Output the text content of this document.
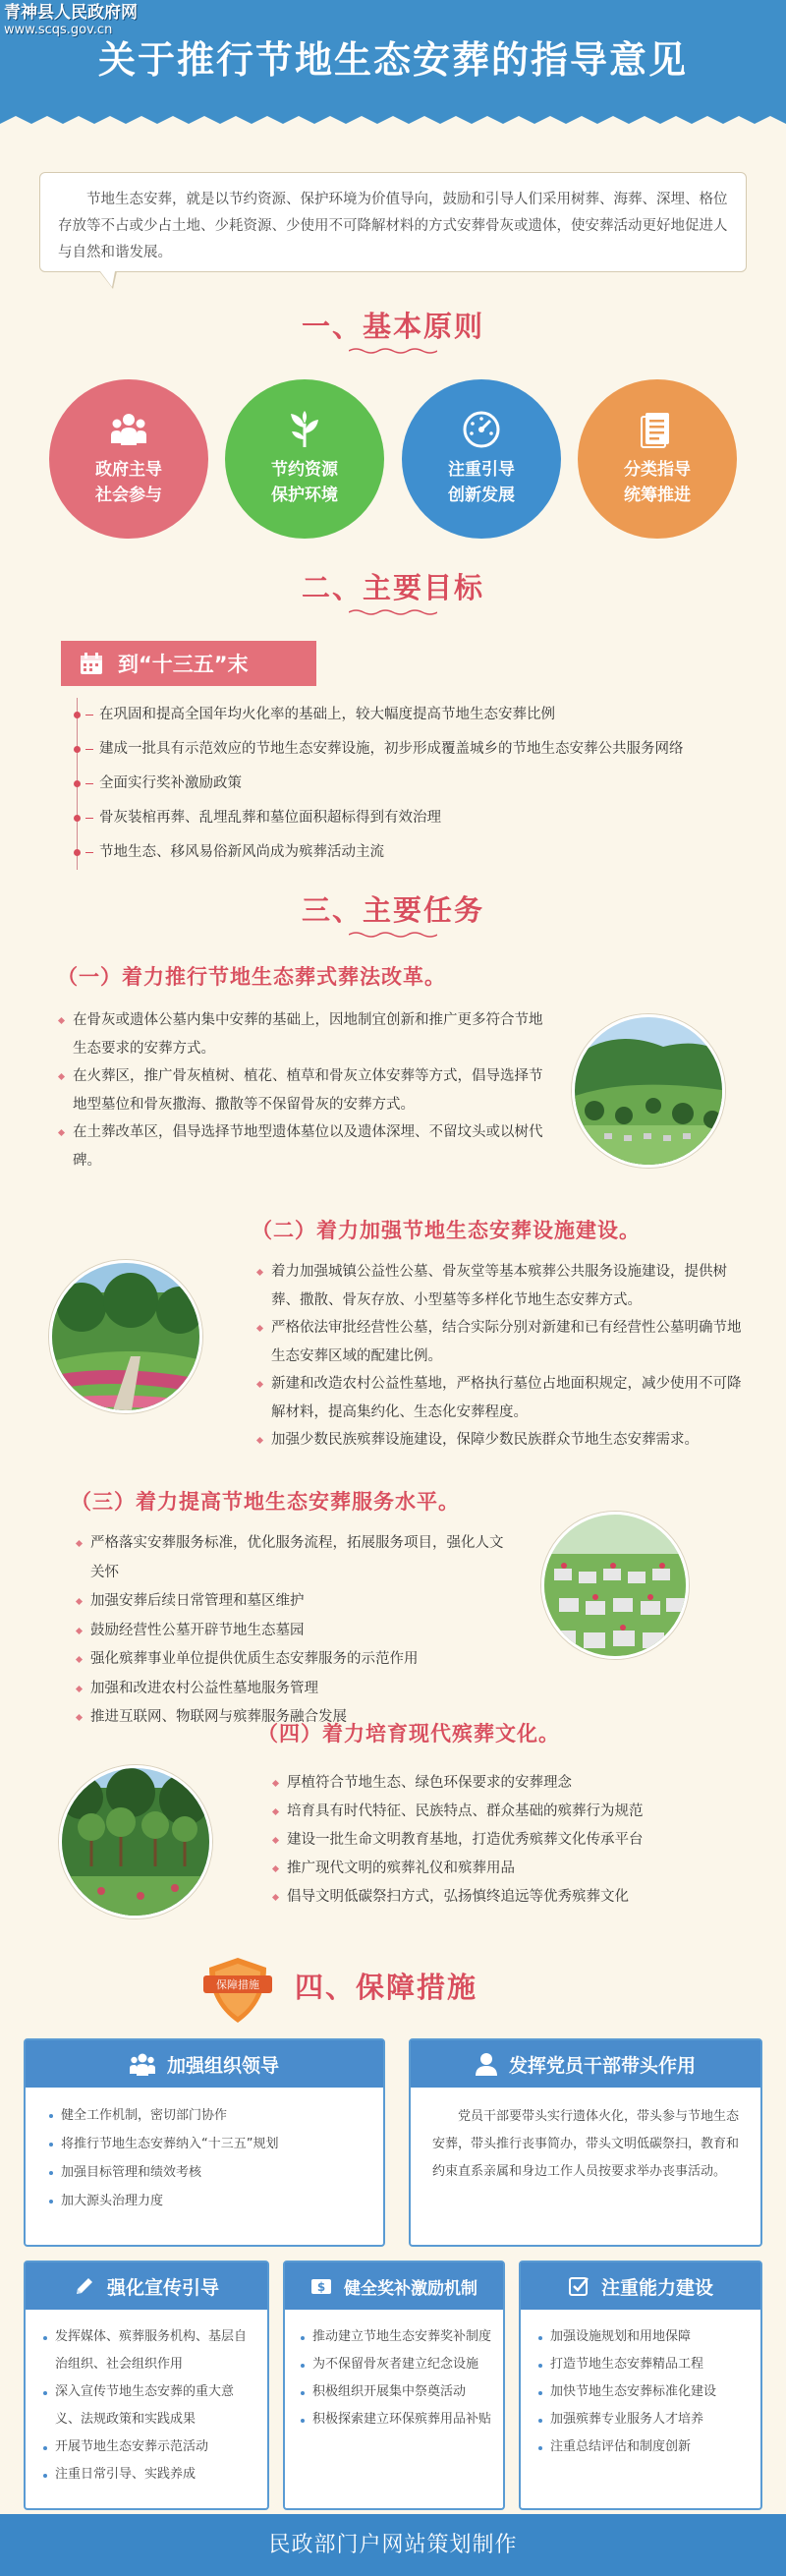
青神县人民政府网
www.scqs.gov.cn
关于推行节地生态安葬的指导意见
节地生态安葬，就是以节约资源、保护环境为价值导向，鼓励和引导人们采用树葬、海葬、深埋、格位存放等不占或少占土地、少耗资源、少使用不可降解材料的方式安葬骨灰或遗体，使安葬活动更好地促进人与自然和谐发展。
一、基本原则
政府主导
社会参与
节约资源
保护环境
注重引导
创新发展
分类指导
统筹推进
二、主要目标
到“十三五”末
在巩固和提高全国年均火化率的基础上，较大幅度提高节地生态安葬比例
建成一批具有示范效应的节地生态安葬设施，初步形成覆盖城乡的节地生态安葬公共服务网络
全面实行奖补激励政策
骨灰装棺再葬、乱埋乱葬和墓位面积超标得到有效治理
节地生态、移风易俗新风尚成为殡葬活动主流
三、主要任务
（一）着力推行节地生态葬式葬法改革。
在骨灰或遗体公墓内集中安葬的基础上，因地制宜创新和推广更多符合节地生态要求的安葬方式。
在火葬区，推广骨灰植树、植花、植草和骨灰立体安葬等方式，倡导选择节地型墓位和骨灰撒海、撒散等不保留骨灰的安葬方式。
在土葬改革区，倡导选择节地型遗体墓位以及遗体深埋、不留坟头或以树代碑。
（二）着力加强节地生态安葬设施建设。
着力加强城镇公益性公墓、骨灰堂等基本殡葬公共服务设施建设，提供树葬、撒散、骨灰存放、小型墓等多样化节地生态安葬方式。
严格依法审批经营性公墓，结合实际分别对新建和已有经营性公墓明确节地生态安葬区域的配建比例。
新建和改造农村公益性墓地，严格执行墓位占地面积规定，减少使用不可降解材料，提高集约化、生态化安葬程度。
加强少数民族殡葬设施建设，保障少数民族群众节地生态安葬需求。
（三）着力提高节地生态安葬服务水平。
严格落实安葬服务标准，优化服务流程，拓展服务项目，强化人文关怀
加强安葬后续日常管理和墓区维护
鼓励经营性公墓开辟节地生态墓园
强化殡葬事业单位提供优质生态安葬服务的示范作用
加强和改进农村公益性墓地服务管理
推进互联网、物联网与殡葬服务融合发展
（四）着力培育现代殡葬文化。
厚植符合节地生态、绿色环保要求的安葬理念
培育具有时代特征、民族特点、群众基础的殡葬行为规范
建设一批生命文明教育基地，打造优秀殡葬文化传承平台
推广现代文明的殡葬礼仪和殡葬用品
倡导文明低碳祭扫方式，弘扬慎终追远等优秀殡葬文化
保障措施 四、保障措施
加强组织领导
健全工作机制，密切部门协作
将推行节地生态安葬纳入“十三五”规划
加强目标管理和绩效考核
加大源头治理力度
发挥党员干部带头作用
党员干部要带头实行遗体火化，带头参与节地生态安葬，带头推行丧事简办，带头文明低碳祭扫，教育和约束直系亲属和身边工作人员按要求举办丧事活动。
强化宣传引导
发挥媒体、殡葬服务机构、基层自治组织、社会组织作用
深入宣传节地生态安葬的重大意义、法规政策和实践成果
开展节地生态安葬示范活动
注重日常引导、实践养成
$ 健全奖补激励机制
推动建立节地生态安葬奖补制度
为不保留骨灰者建立纪念设施
积极组织开展集中祭奠活动
积极探索建立环保殡葬用品补贴
注重能力建设
加强设施规划和用地保障
打造节地生态安葬精品工程
加快节地生态安葬标准化建设
加强殡葬专业服务人才培养
注重总结评估和制度创新
民政部门户网站策划制作
